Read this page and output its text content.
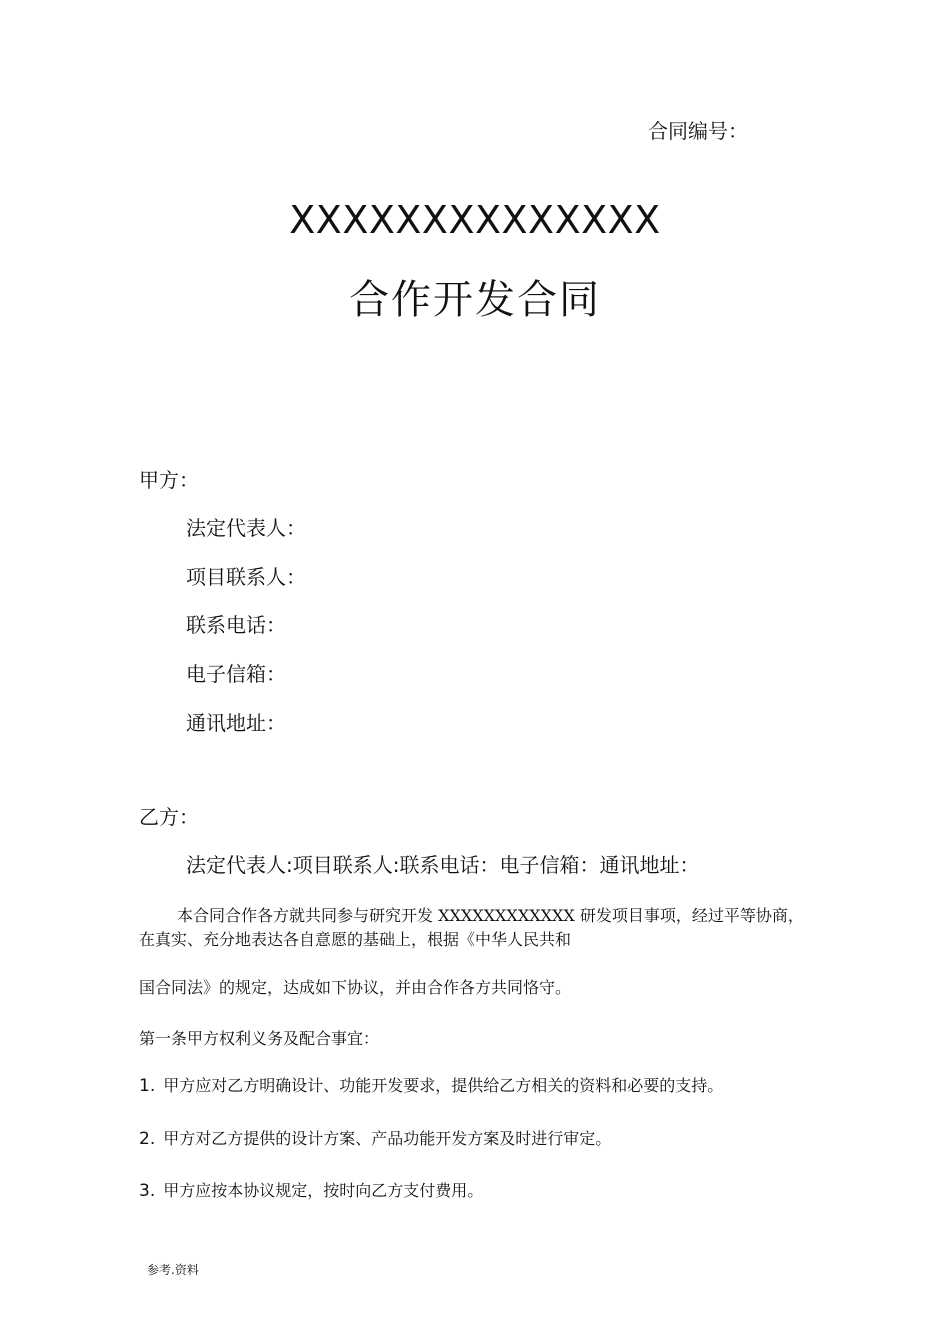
合同编号：
XXXXXXXXXXXXXX
合作开发合同
甲方：
法定代表人：
项目联系人：
联系电话：
电子信箱：
通讯地址：
乙方：
法定代表人:项目联系人:联系电话：电子信箱：通讯地址：
本合同合作各方就共同参与研究开发 XXXXXXXXXXXX 研发项目事项，经过平等协商，在真实、充分地表达各自意愿的基础上，根据《中华人民共和
国合同法》的规定，达成如下协议，并由合作各方共同恪守。
第一条甲方权利义务及配合事宜：
1. 甲方应对乙方明确设计、功能开发要求，提供给乙方相关的资料和必要的支持。
2. 甲方对乙方提供的设计方案、产品功能开发方案及时进行审定。
3. 甲方应按本协议规定，按时向乙方支付费用。
参考.资料
